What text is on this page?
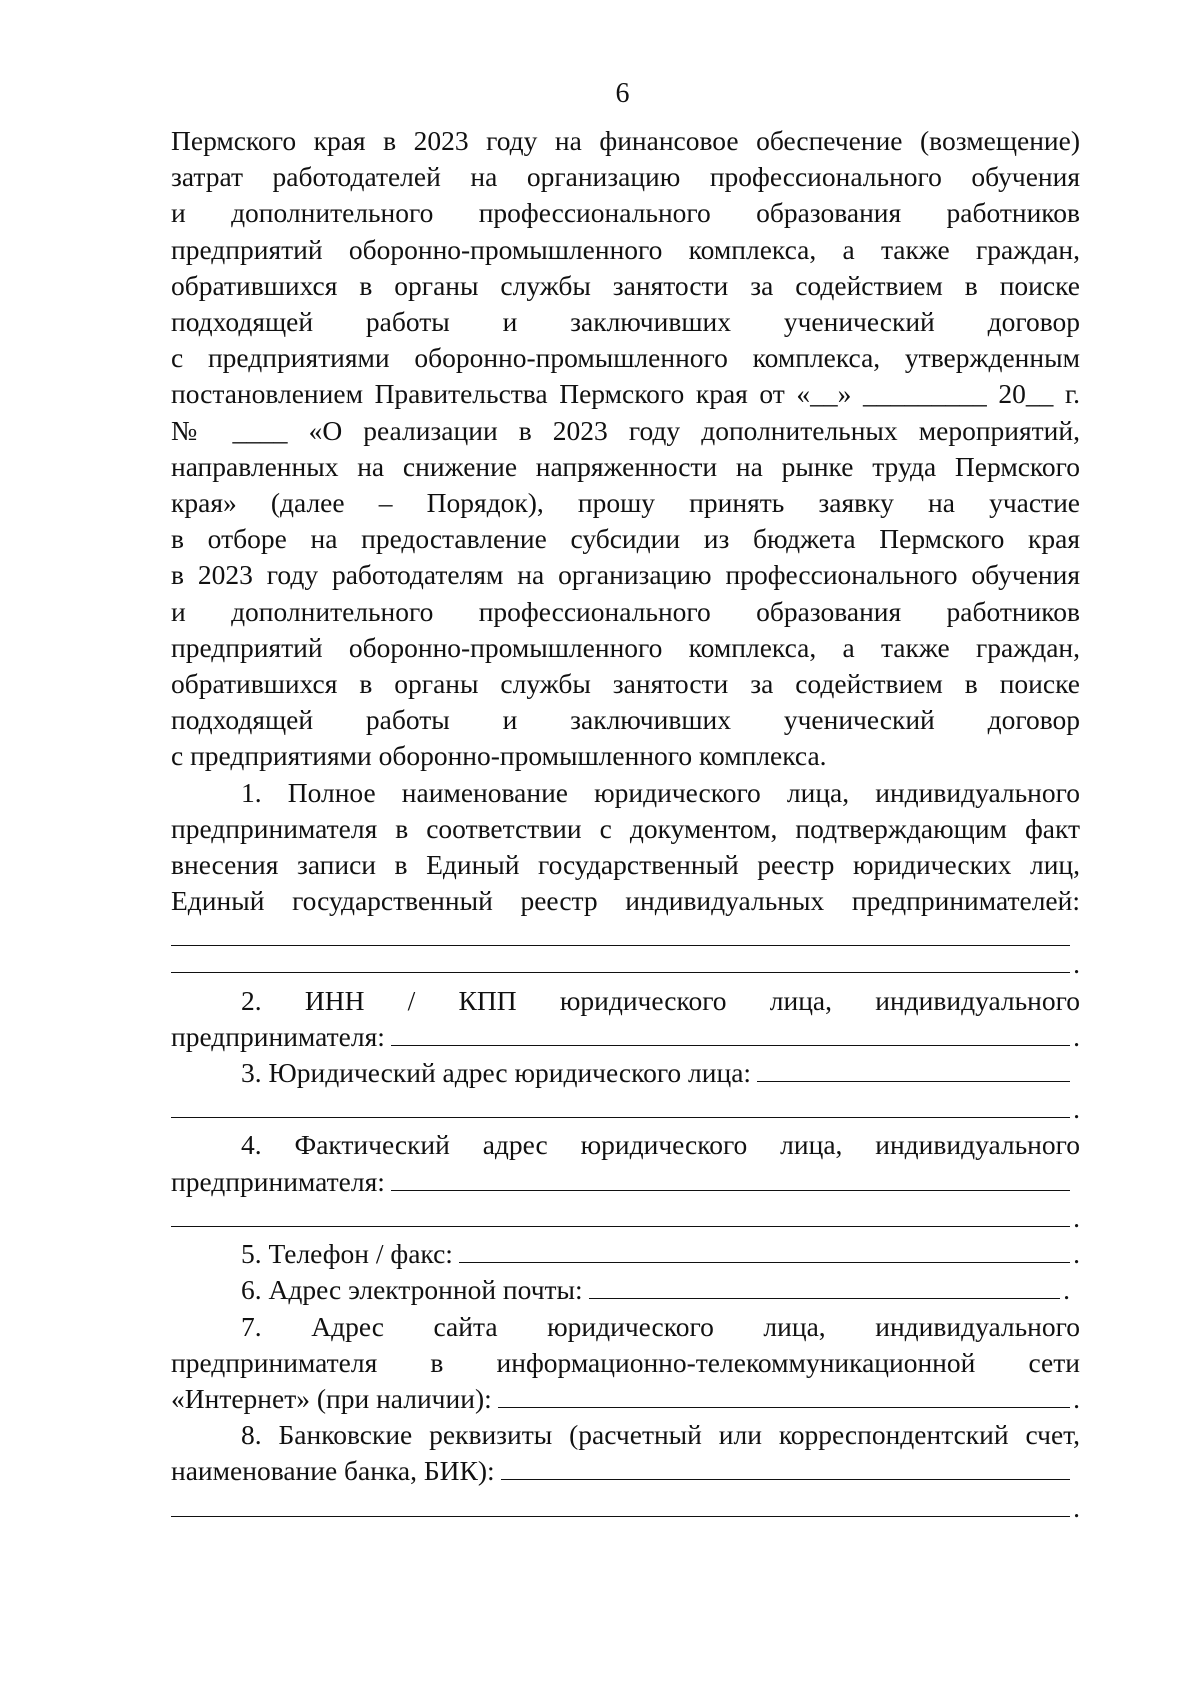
6
Пермского края в 2023 году на финансовое обеспечение (возмещение)
затрат работодателей на организацию профессионального обучения
и дополнительного профессионального образования работников
предприятий оборонно-промышленного комплекса, а также граждан,
обратившихся в органы службы занятости за содействием в поиске
подходящей работы и заключивших ученический договор
с предприятиями оборонно-промышленного комплекса, утвержденным
постановлением Правительства Пермского края от «__» _________ 20__ г.
№ ____ «О реализации в 2023 году дополнительных мероприятий,
направленных на снижение напряженности на рынке труда Пермского
края» (далее – Порядок), прошу принять заявку на участие
в отборе на предоставление субсидии из бюджета Пермского края
в 2023 году работодателям на организацию профессионального обучения
и дополнительного профессионального образования работников
предприятий оборонно-промышленного комплекса, а также граждан,
обратившихся в органы службы занятости за содействием в поиске
подходящей работы и заключивших ученический договор
с предприятиями оборонно-промышленного комплекса.
1. Полное наименование юридического лица, индивидуального
предпринимателя в соответствии с документом, подтверждающим факт
внесения записи в Единый государственный реестр юридических лиц,
Единый государственный реестр индивидуальных предпринимателей:
.
2. ИНН / КПП юридического лица, индивидуального
предпринимателя:	.
3. Юридический адрес юридического лица:
.
4. Фактический адрес юридического лица, индивидуального
предпринимателя:
.
5. Телефон / факс:	.
6. Адрес электронной почты:	.
7. Адрес сайта юридического лица, индивидуального
предпринимателя в информационно-телекоммуникационной сети
«Интернет» (при наличии):	.
8. Банковские реквизиты (расчетный или корреспондентский счет,
наименование банка, БИК):
.
